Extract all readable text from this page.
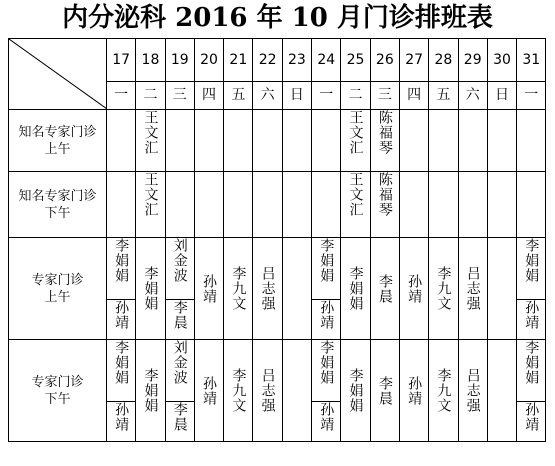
内分泌科 2016 年 10 月门诊排班表
	17	18	19	20	21	22	23	24	25	26	27	28	29	30	31
	一	二	三	四	五	六	日	一	二	三	四	五	六	日	一
知名专家门诊
上午		王文汇							王文汇	陈福琴					

知名专家门诊
下午		王文汇							王文汇	陈福琴					

专家门诊
上午	李娟娟	李娟娟	刘金波	孙靖	李九文	吕志强		李娟娟	李娟娟	李晨	孙靖	李九文	吕志强		李娟娟

	孙靖		李晨					孙靖							孙靖

专家门诊
下午	李娟娟	李娟娟	刘金波	孙靖	李九文	吕志强		李娟娟	李娟娟	李晨	孙靖	李九文	吕志强		李娟娟

	孙靖		李晨					孙靖							孙靖
